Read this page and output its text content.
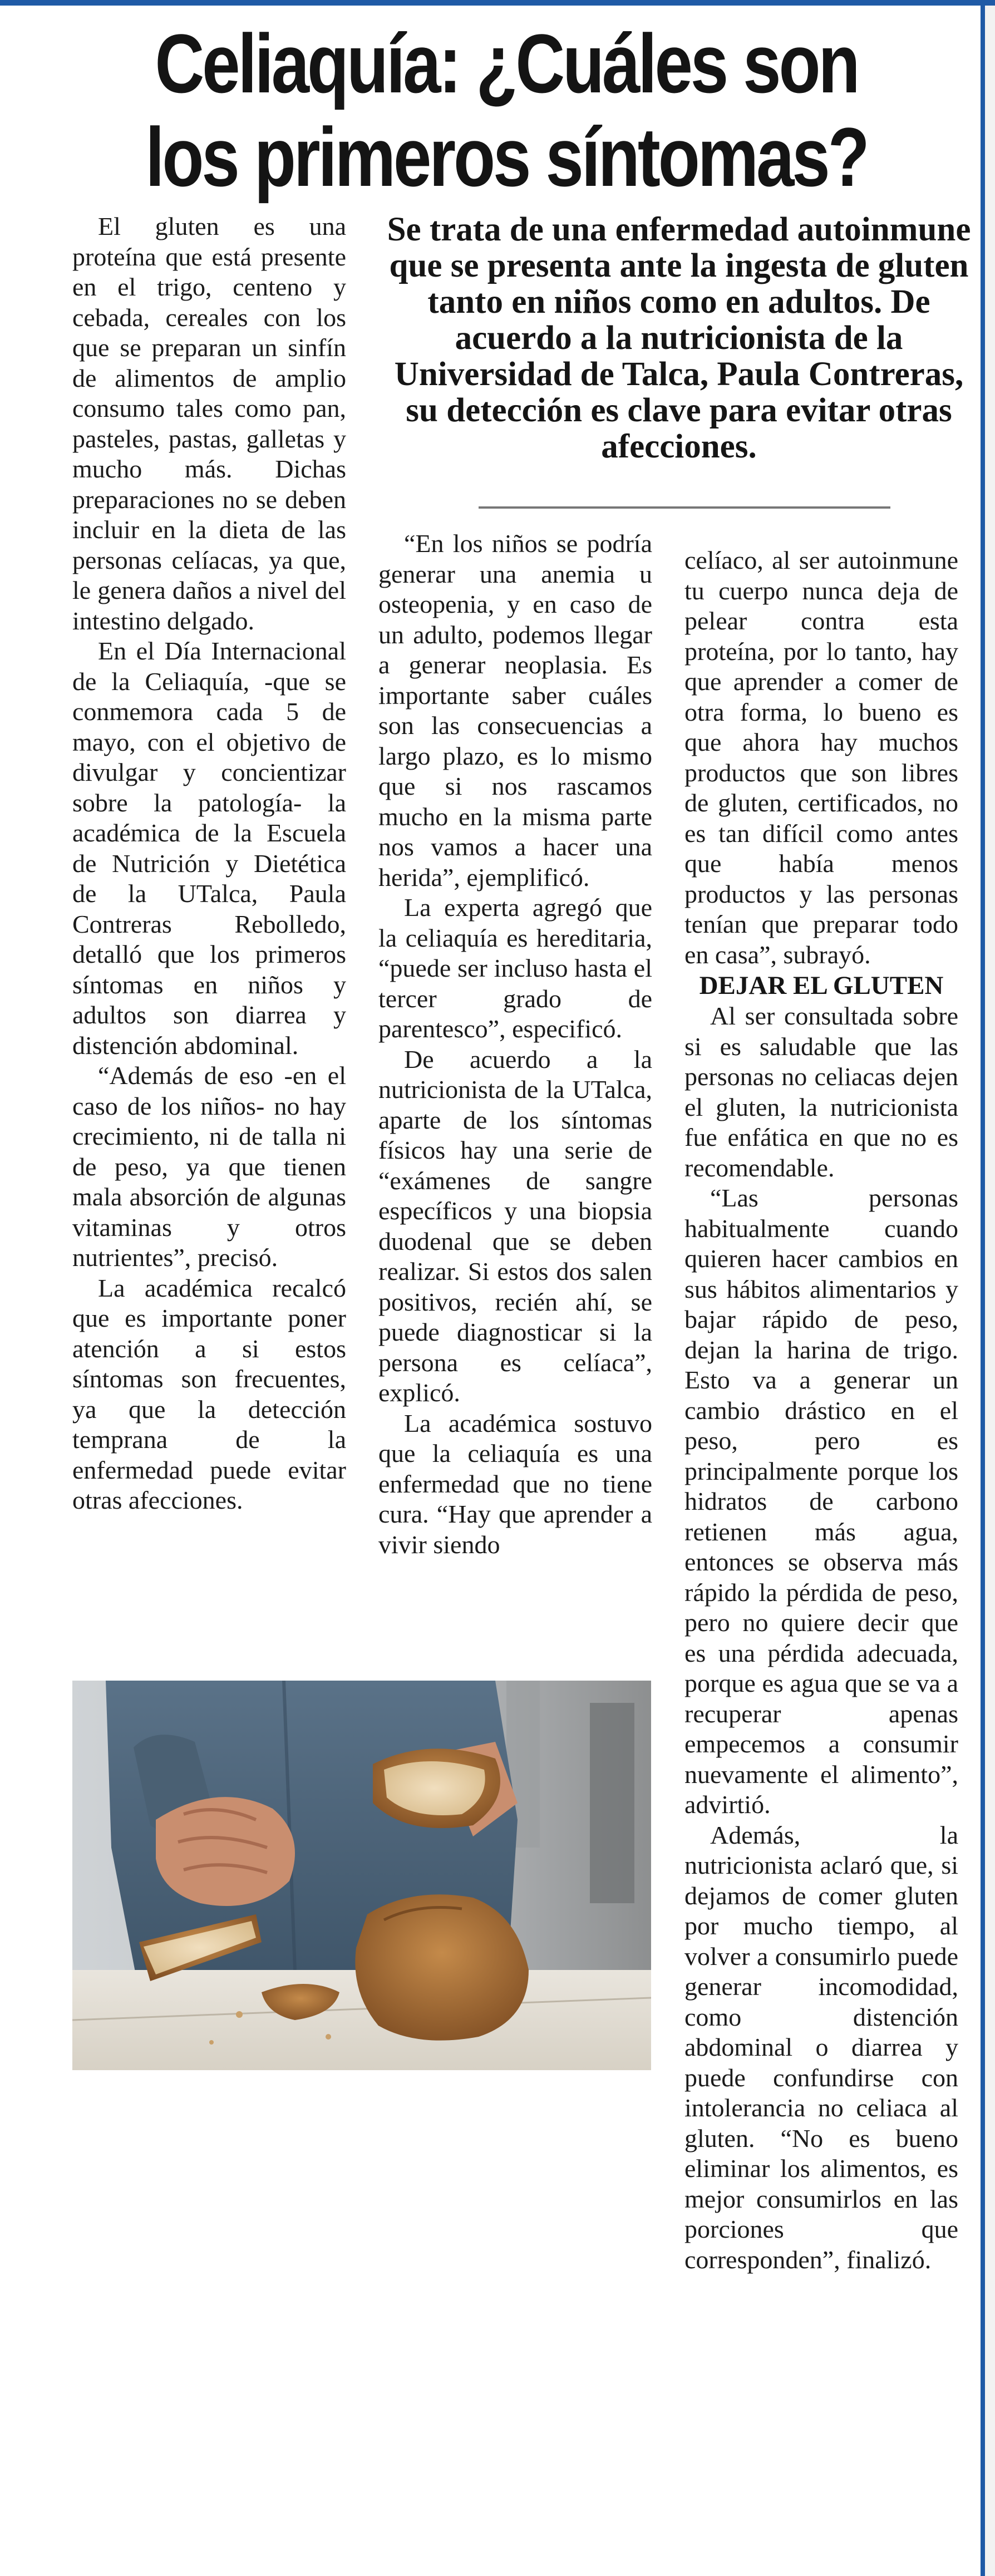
Celiaquía: ¿Cuáles son los primeros síntomas?
Se trata de una enfermedad autoinmune que se presenta ante la ingesta de gluten tanto en niños como en adultos. De acuerdo a la nutricionista de la Universidad de Talca, Paula Contreras, su detección es clave para evitar otras afecciones.

El gluten es una proteína que está presente en el trigo, centeno y cebada, cereales con los que se preparan un sinfín de alimentos de amplio consumo tales como pan, pasteles, pastas, galletas y mucho más. Dichas preparaciones no se deben incluir en la dieta de las personas celíacas, ya que, le genera daños a nivel del intestino delgado.

En el Día Internacional de la Celiaquía, -que se conmemora cada 5 de mayo, con el objetivo de divulgar y concientizar sobre la patología- la académica de la Escuela de Nutrición y Dietética de la UTalca, Paula Contreras Rebolledo, detalló que los primeros síntomas en niños y adultos son diarrea y distención abdominal.

“Además de eso -en el caso de los niños- no hay crecimiento, ni de talla ni de peso, ya que tienen mala absorción de algunas vitaminas y otros nutrientes”, precisó.

La académica recalcó que es importante poner atención a si estos síntomas son frecuentes, ya que la detección temprana de la enfermedad puede evitar otras afecciones.

“En los niños se podría generar una anemia u osteopenia, y en caso de un adulto, podemos llegar a generar neoplasia. Es importante saber cuáles son las consecuencias a largo plazo, es lo mismo que si nos rascamos mucho en la misma parte nos vamos a hacer una herida”, ejemplificó.

La experta agregó que la celiaquía es hereditaria, “puede ser incluso hasta el tercer grado de parentesco”, especificó.

De acuerdo a la nutricionista de la UTalca, aparte de los síntomas físicos hay una serie de “exámenes de sangre específicos y una biopsia duodenal que se deben realizar. Si estos dos salen positivos, recién ahí, se puede diagnosticar si la persona es celíaca”, explicó.

La académica sostuvo que la celiaquía es una enfermedad que no tiene cura. “Hay que aprender a vivir siendo

celíaco, al ser autoinmune tu cuerpo nunca deja de pelear contra esta proteína, por lo tanto, hay que aprender a comer de otra forma, lo bueno es que ahora hay muchos productos que son libres de gluten, certificados, no es tan difícil como antes que había menos productos y las personas tenían que preparar todo en casa”, subrayó.

DEJAR EL GLUTEN

Al ser consultada sobre si es saludable que las personas no celiacas dejen el gluten, la nutricionista fue enfática en que no es recomendable.

“Las personas habitualmente cuando quieren hacer cambios en sus hábitos alimentarios y bajar rápido de peso, dejan la harina de trigo. Esto va a generar un cambio drástico en el peso, pero es principalmente porque los hidratos de carbono retienen más agua, entonces se observa más rápido la pérdida de peso, pero no quiere decir que es una pérdida adecuada, porque es agua que se va a recuperar apenas empecemos a consumir nuevamente el alimento”, advirtió.

Además, la nutricionista aclaró que, si dejamos de comer gluten por mucho tiempo, al volver a consumirlo puede generar incomodidad, como distención abdominal o diarrea y puede confundirse con intolerancia no celiaca al gluten. “No es bueno eliminar los alimentos, es mejor consumirlos en las porciones que corresponden”, finalizó.
